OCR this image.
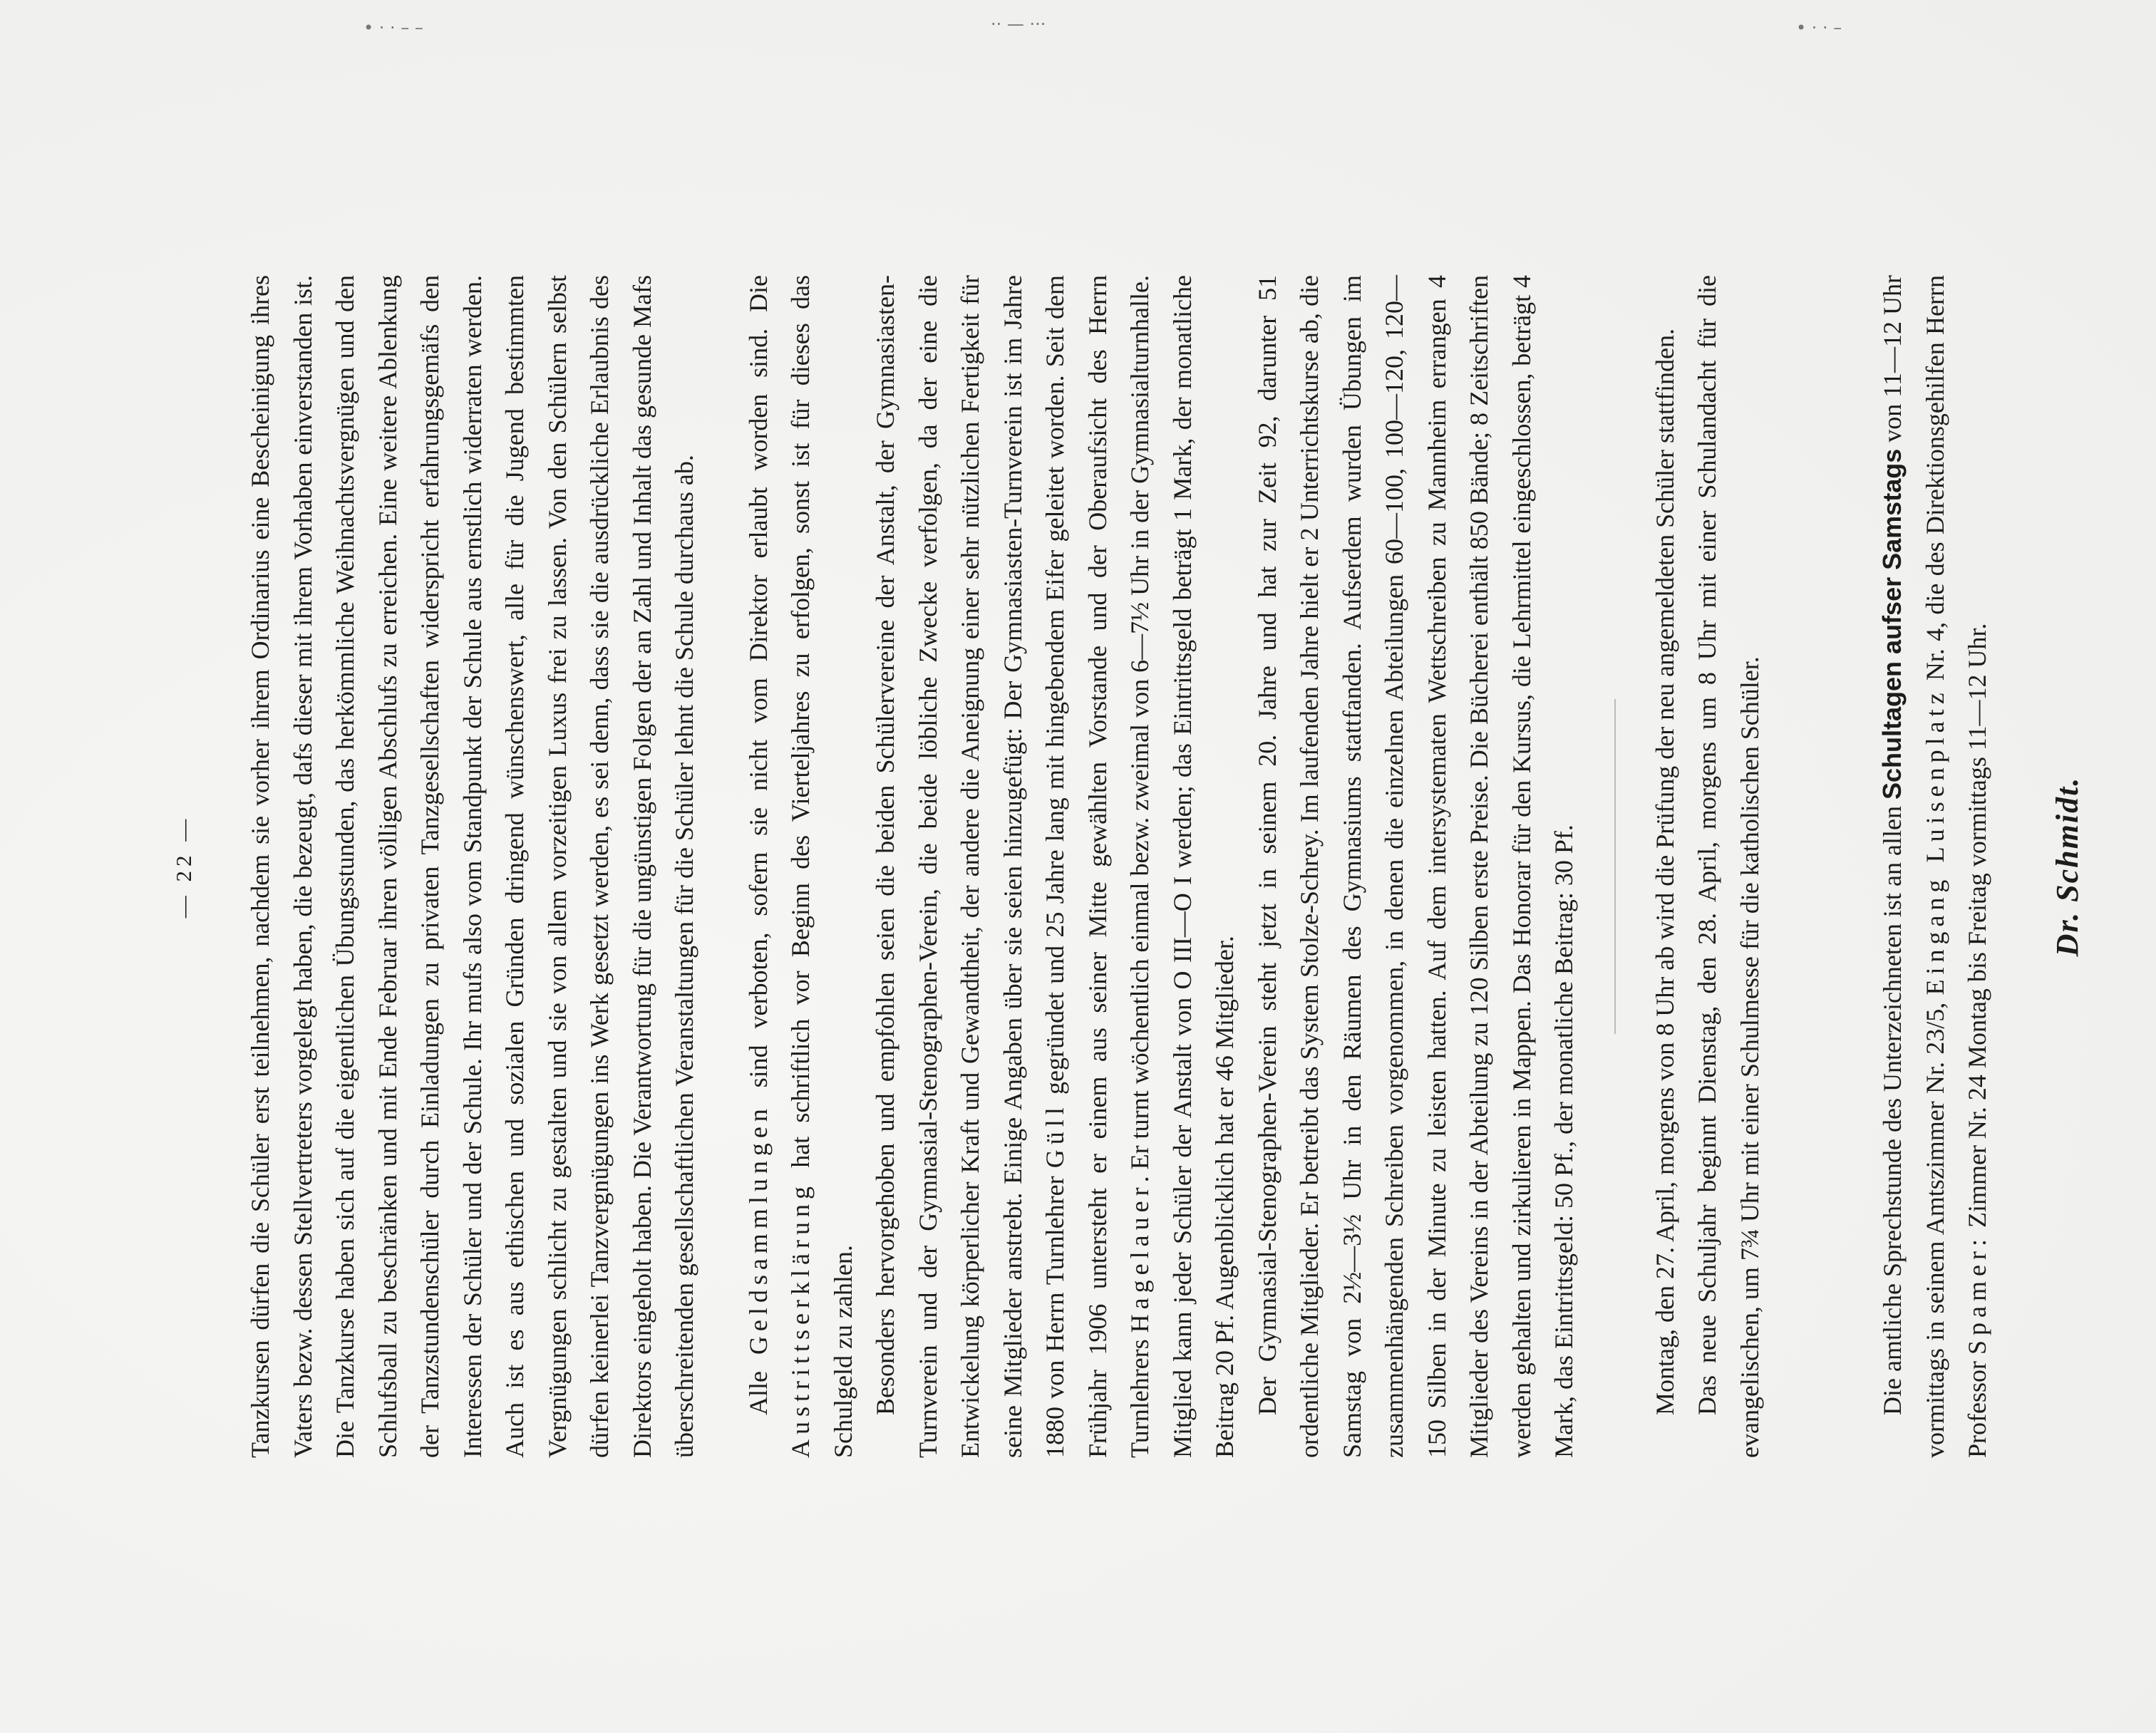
• · · –
·· — ···
• · · – –
— 22 — Tanzkursen dürfen die Schüler erst teilnehmen, nachdem sie vorher ihrem Ordinarius eine Bescheinigung ihres Vaters bezw. dessen Stellvertreters vorgelegt haben, die bezeugt, dafs dieser mit ihrem Vorhaben einverstanden ist. Die Tanzkurse haben sich auf die eigentlichen Übungsstunden, das herkömmliche Weihnachtsvergnügen und den Schlufsball zu beschränken und mit Ende Februar ihren völligen Abschlufs zu erreichen. Eine weitere Ablenkung der Tanzstundenschüler durch Einladungen zu privaten Tanzgesellschaften widerspricht erfahrungsgemäfs den Interessen der Schüler und der Schule. Ihr mufs also vom Standpunkt der Schule aus ernstlich widerraten werden. Auch ist es aus ethischen und sozialen Gründen dringend wünschenswert, alle für die Jugend bestimmten Vergnügungen schlicht zu gestalten und sie von allem vorzeitigen Luxus frei zu lassen. Von den Schülern selbst dürfen keinerlei Tanzvergnügungen ins Werk gesetzt werden, es sei denn, dass sie die ausdrückliche Erlaubnis des Direktors eingeholt haben. Die Verantwortung für die ungünstigen Folgen der an Zahl und Inhalt das gesunde Mafs überschreitenden gesellschaftlichen Veranstaltungen für die Schüler lehnt die Schule durchaus ab. Alle Geldsammlungen sind verboten, sofern sie nicht vom Direktor erlaubt worden sind. Die Austrittserklärung hat schriftlich vor Beginn des Vierteljahres zu erfolgen, sonst ist für dieses das Schulgeld zu zahlen. Besonders hervorgehoben und empfohlen seien die beiden Schülervereine der Anstalt, der Gymnasiasten-Turnverein und der Gymnasial-Stenographen-Verein, die beide löbliche Zwecke verfolgen, da der eine die Entwickelung körperlicher Kraft und Gewandtheit, der andere die Aneignung einer sehr nützlichen Fertigkeit für seine Mitglieder anstrebt. Einige Angaben über sie seien hinzugefügt: Der Gymnasiasten-Turnverein ist im Jahre 1880 von Herrn Turnlehrer Güll gegründet und 25 Jahre lang mit hingebendem Eifer geleitet worden. Seit dem Frühjahr 1906 untersteht er einem aus seiner Mitte gewählten Vorstande und der Oberaufsicht des Herrn Turnlehrers Hagelauer. Er turnt wöchentlich einmal bezw. zweimal von 6—7½ Uhr in der Gymnasialturnhalle. Mitglied kann jeder Schüler der Anstalt von O III—O I werden; das Eintrittsgeld beträgt 1 Mark, der monatliche Beitrag 20 Pf. Augenblicklich hat er 46 Mitglieder. Der Gymnasial-Stenographen-Verein steht jetzt in seinem 20. Jahre und hat zur Zeit 92, darunter 51 ordentliche Mitglieder. Er betreibt das System Stolze-Schrey. Im laufenden Jahre hielt er 2 Unterrichtskurse ab, die Samstag von 2½—3½ Uhr in den Räumen des Gymnasiums stattfanden. Aufserdem wurden Übungen im zusammenhängenden Schreiben vorgenommen, in denen die einzelnen Abteilungen 60—100, 100—120, 120—150 Silben in der Minute zu leisten hatten. Auf dem intersystematen Wettschreiben zu Mannheim errangen 4 Mitglieder des Vereins in der Abteilung zu 120 Silben erste Preise. Die Bücherei enthält 850 Bände; 8 Zeitschriften werden gehalten und zirkulieren in Mappen. Das Honorar für den Kursus, die Lehrmittel eingeschlossen, beträgt 4 Mark, das Eintrittsgeld: 50 Pf., der monatliche Beitrag: 30 Pf.	Montag, den 27. April, morgens von 8 Uhr ab wird die Prüfung der neu angemeldeten Schüler stattfinden. Das neue Schuljahr beginnt Dienstag, den 28. April, morgens um 8 Uhr mit einer Schulandacht für die evangelischen, um 7¾ Uhr mit einer Schulmesse für die katholischen Schüler.	Die amtliche Sprechstunde des Unterzeichneten ist an allen Schultagen aufser Samstags von 11—12 Uhr vormittags in seinem Amtszimmer Nr. 23/5, Eingang Luisenplatz Nr. 4, die des Direktionsgehilfen Herrn Professor Spamer: Zimmer Nr. 24 Montag bis Freitag vormittags 11—12 Uhr. Dr. Schmidt.
